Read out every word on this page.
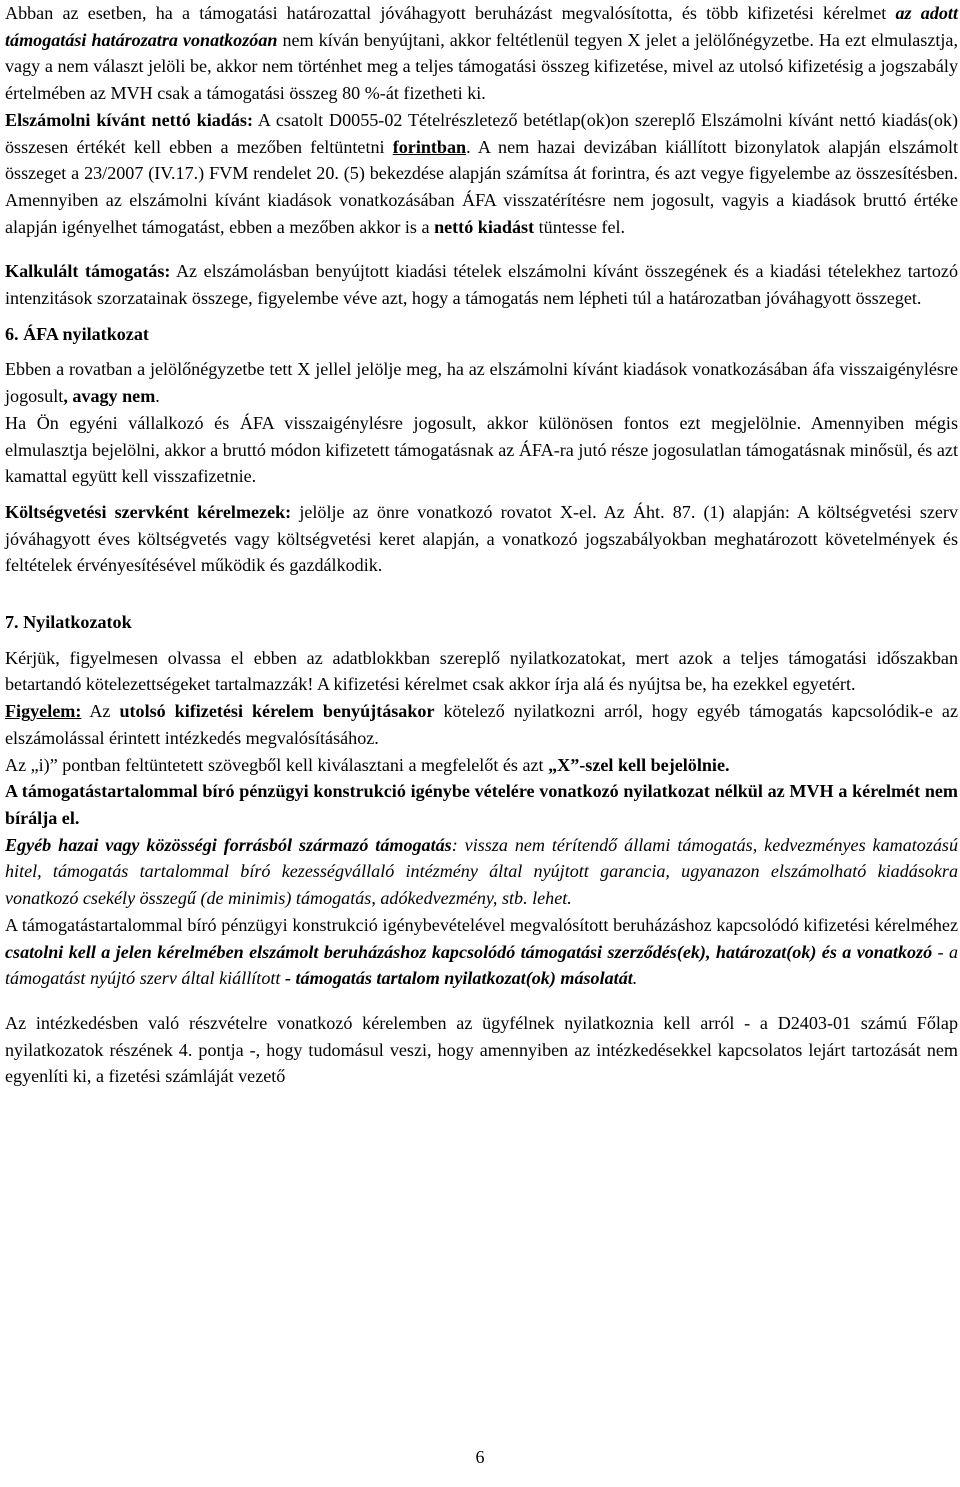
Abban az esetben, ha a támogatási határozattal jóváhagyott beruházást megvalósította, és több kifizetési kérelmet az adott támogatási határozatra vonatkozóan nem kíván benyújtani, akkor feltétlenül tegyen X jelet a jelölőnégyzetbe. Ha ezt elmulasztja, vagy a nem választ jelöli be, akkor nem történhet meg a teljes támogatási összeg kifizetése, mivel az utolsó kifizetésig a jogszabály értelmében az MVH csak a támogatási összeg 80 %-át fizetheti ki.

Elszámolni kívánt nettó kiadás: A csatolt D0055-02 Tételrészletező betétlap(ok)on szereplő Elszámolni kívánt nettó kiadás(ok) összesen értékét kell ebben a mezőben feltüntetni forintban. A nem hazai devizában kiállított bizonylatok alapján elszámolt összeget a 23/2007 (IV.17.) FVM rendelet 20. (5) bekezdése alapján számítsa át forintra, és azt vegye figyelembe az összesítésben. Amennyiben az elszámolni kívánt kiadások vonatkozásában ÁFA visszatérítésre nem jogosult, vagyis a kiadások bruttó értéke alapján igényelhet támogatást, ebben a mezőben akkor is a nettó kiadást tüntesse fel.

Kalkulált támogatás: Az elszámolásban benyújtott kiadási tételek elszámolni kívánt összegének és a kiadási tételekhez tartozó intenzitások szorzatainak összege, figyelembe véve azt, hogy a támogatás nem lépheti túl a határozatban jóváhagyott összeget.

6. ÁFA nyilatkozat

Ebben a rovatban a jelölőnégyzetbe tett X jellel jelölje meg, ha az elszámolni kívánt kiadások vonatkozásában áfa visszaigénylésre jogosult, avagy nem.

Ha Ön egyéni vállalkozó és ÁFA visszaigénylésre jogosult, akkor különösen fontos ezt megjelölnie. Amennyiben mégis elmulasztja bejelölni, akkor a bruttó módon kifizetett támogatásnak az ÁFA-ra jutó része jogosulatlan támogatásnak minősül, és azt kamattal együtt kell visszafizetnie.

Költségvetési szervként kérelmezek: jelölje az önre vonatkozó rovatot X-el. Az Áht. 87. (1) alapján: A költségvetési szerv jóváhagyott éves költségvetés vagy költségvetési keret alapján, a vonatkozó jogszabályokban meghatározott követelmények és feltételek érvényesítésével működik és gazdálkodik.

7. Nyilatkozatok

Kérjük, figyelmesen olvassa el ebben az adatblokkban szereplő nyilatkozatokat, mert azok a teljes támogatási időszakban betartandó kötelezettségeket tartalmazzák! A kifizetési kérelmet csak akkor írja alá és nyújtsa be, ha ezekkel egyetért.

Figyelem: Az utolsó kifizetési kérelem benyújtásakor kötelező nyilatkozni arról, hogy egyéb támogatás kapcsolódik-e az elszámolással érintett intézkedés megvalósításához.

Az „i)” pontban feltüntetett szövegből kell kiválasztani a megfelelőt és azt „X”-szel kell bejelölnie.

A támogatástartalommal bíró pénzügyi konstrukció igénybe vételére vonatkozó nyilatkozat nélkül az MVH a kérelmét nem bírálja el.

Egyéb hazai vagy közösségi forrásból származó támogatás: vissza nem térítendő állami támogatás, kedvezményes kamatozású hitel, támogatás tartalommal bíró kezességvállaló intézmény által nyújtott garancia, ugyanazon elszámolható kiadásokra vonatkozó csekély összegű (de minimis) támogatás, adókedvezmény, stb. lehet.

A támogatástartalommal bíró pénzügyi konstrukció igénybevételével megvalósított beruházáshoz kapcsolódó kifizetési kérelméhez csatolni kell a jelen kérelmében elszámolt beruházáshoz kapcsolódó támogatási szerződés(ek), határozat(ok) és a vonatkozó - a támogatást nyújtó szerv által kiállított - támogatás tartalom nyilatkozat(ok) másolatát.

Az intézkedésben való részvételre vonatkozó kérelemben az ügyfélnek nyilatkoznia kell arról - a D2403-01 számú Főlap nyilatkozatok részének 4. pontja -, hogy tudomásul veszi, hogy amennyiben az intézkedésekkel kapcsolatos lejárt tartozását nem egyenlíti ki, a fizetési számláját vezető

6
